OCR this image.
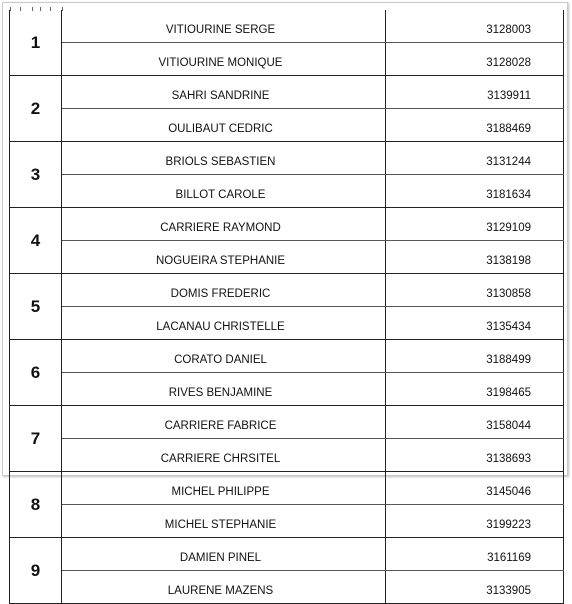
1	VITIOURINE SERGE	3128003
	VITIOURINE MONIQUE	3128028
2	SAHRI SANDRINE	3139911
	OULIBAUT CEDRIC	3188469
3	BRIOLS SEBASTIEN	3131244
	BILLOT CAROLE	3181634
4	CARRIERE RAYMOND	3129109
	NOGUEIRA STEPHANIE	3138198
5	DOMIS FREDERIC	3130858
	LACANAU CHRISTELLE	3135434
6	CORATO DANIEL	3188499
	RIVES BENJAMINE	3198465
7	CARRIERE FABRICE	3158044
	CARRIERE CHRSITEL	3138693
8	MICHEL PHILIPPE	3145046
	MICHEL STEPHANIE	3199223
9	DAMIEN PINEL	3161169
	LAURENE MAZENS	3133905
